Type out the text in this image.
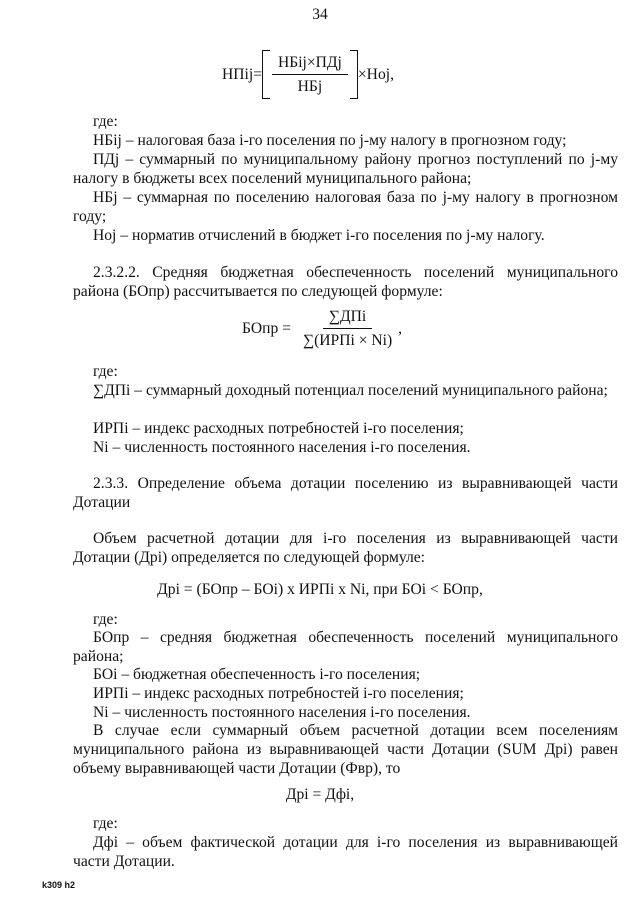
34
НПij= $\frac{\text{НБij×ПДj}}{\text{НБj}} \times Hoj$,

где:

НБij – налоговая база i-го поселения по j-му налогу в прогнозном году;

ПДj – суммарный по муниципальному району прогноз поступлений по j-му налогу в бюджеты всех поселений муниципального района;

НБj – суммарная по поселению налоговая база по j-му налогу в прогнозном году;

Hoj – норматив отчислений в бюджет i-го поселения по j-му налогу.

2.3.2.2. Средняя бюджетная обеспеченность поселений муниципального района (БОпр) рассчитывается по следующей формуле:

БОпр = $\frac{\text{∑ДПi}}{\text{∑(ИРПi × Ni)}}$ ,

где:

∑ДПi – суммарный доходный потенциал поселений муниципального района;

ИРПi – индекс расходных потребностей i-го поселения;

Ni – численность постоянного населения i-го поселения.

2.3.3. Определение объема дотации поселению из выравнивающей части Дотации

Объем расчетной дотации для i-го поселения из выравнивающей части Дотации (Дрi) определяется по следующей формуле:

Дрi = (БОпр – БОi) x ИРПi x Ni, при БОi < БОпр,

где:

БОпр – средняя бюджетная обеспеченность поселений муниципального района;

БОi – бюджетная обеспеченность i-го поселения;

ИРПi – индекс расходных потребностей i-го поселения;

Ni – численность постоянного населения i-го поселения.

В случае если суммарный объем расчетной дотации всем поселениям муниципального района из выравнивающей части Дотации (SUM Дрi) равен объему выравнивающей части Дотации (Фвр), то

Дрi = Дфi,

где:

Дфi – объем фактической дотации для i-го поселения из выравнивающей части Дотации.

k309 h2
